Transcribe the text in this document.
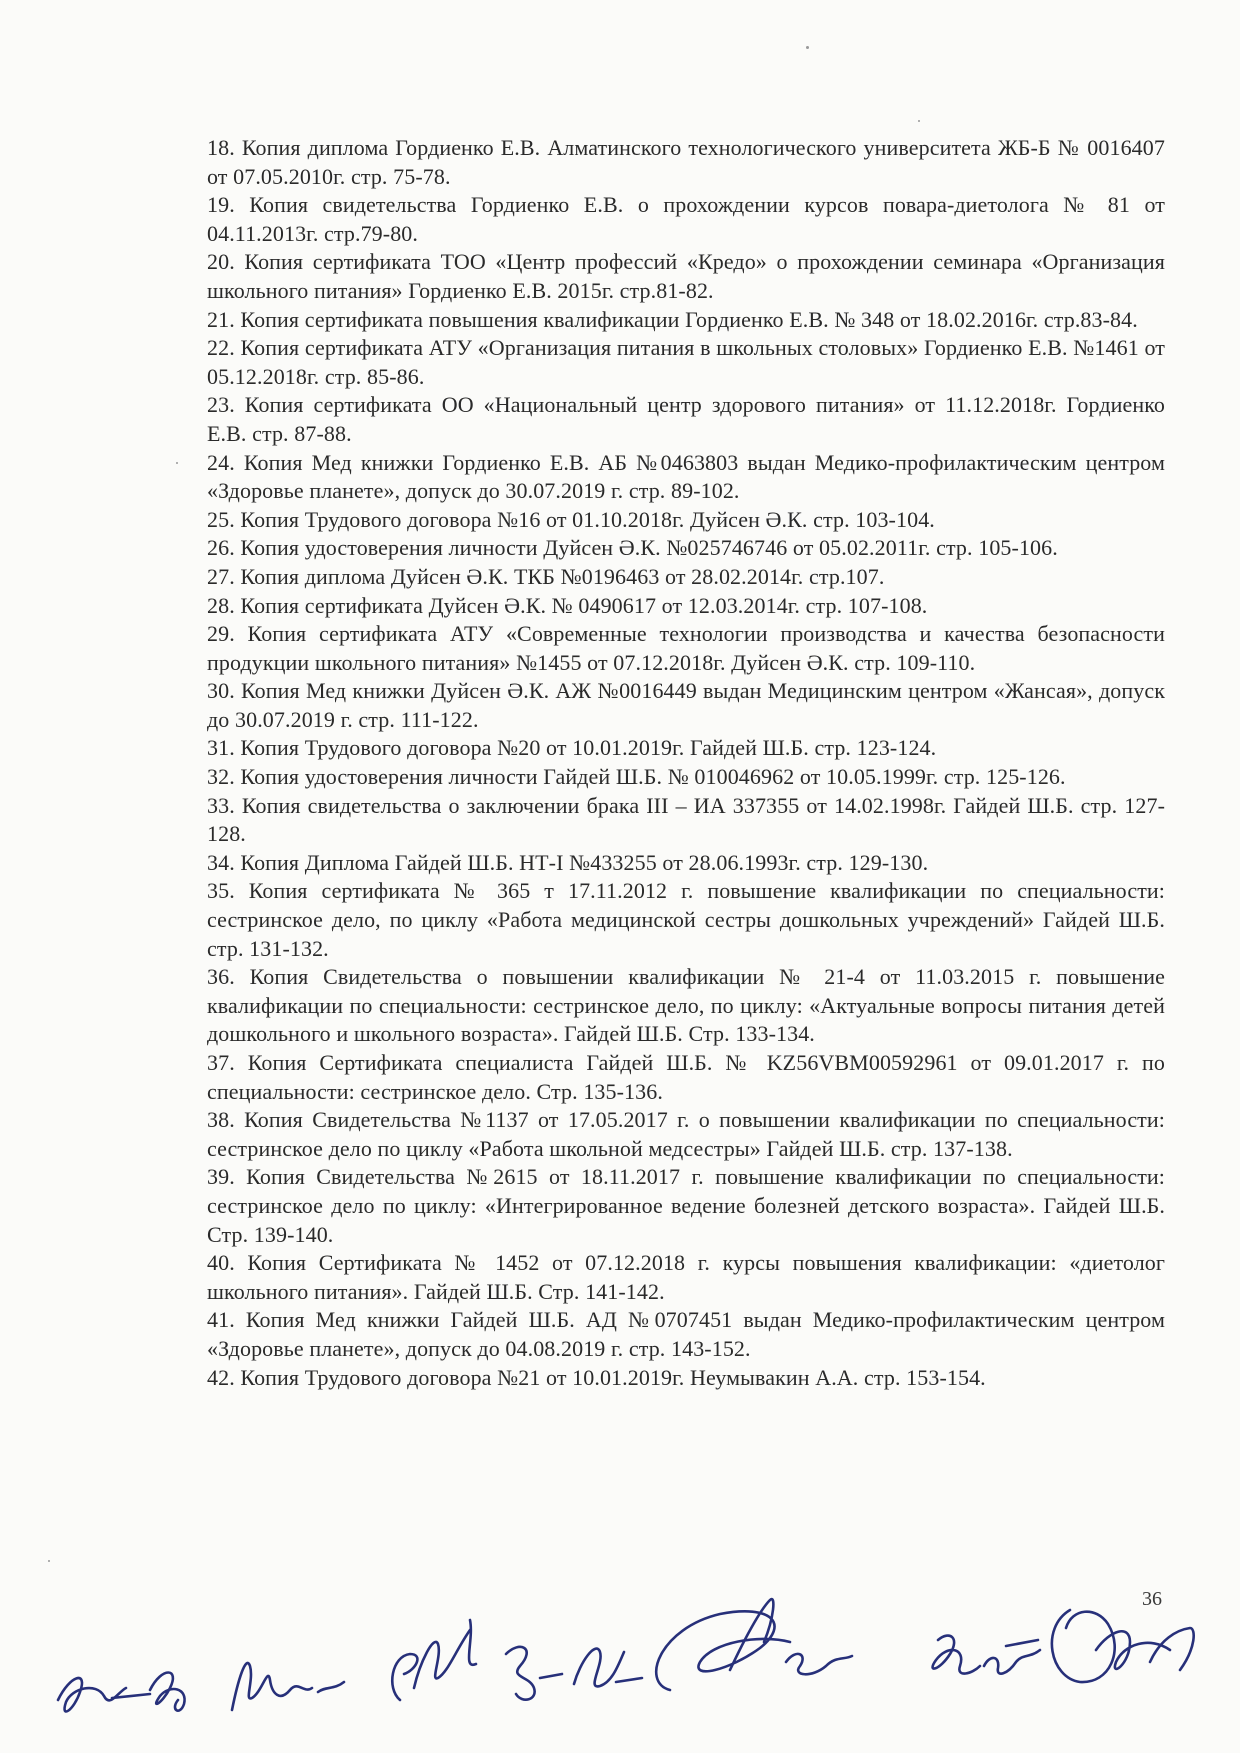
18. Копия диплома Гордиенко Е.В. Алматинского технологического университета ЖБ-Б № 0016407 от 07.05.2010г. стр. 75-78.

19. Копия свидетельства Гордиенко Е.В. о прохождении курсов повара-диетолога № 81 от 04.11.2013г. стр.79-80.

20. Копия сертификата ТОО «Центр профессий «Кредо» о прохождении семинара «Организация школьного питания» Гордиенко Е.В. 2015г. стр.81-82.

21. Копия сертификата повышения квалификации Гордиенко Е.В. № 348 от 18.02.2016г. стр.83-84.

22. Копия сертификата АТУ «Организация питания в школьных столовых» Гордиенко Е.В. №1461 от 05.12.2018г. стр. 85-86.

23. Копия сертификата ОО «Национальный центр здорового питания» от 11.12.2018г. Гордиенко Е.В. стр. 87-88.

24. Копия Мед книжки Гордиенко Е.В. АБ №0463803 выдан Медико-профилактическим центром «Здоровье планете», допуск до 30.07.2019 г. стр. 89-102.

25. Копия Трудового договора №16 от 01.10.2018г. Дуйсен Ә.К. стр. 103-104.

26. Копия удостоверения личности Дуйсен Ә.К. №025746746 от 05.02.2011г. стр. 105-106.

27. Копия диплома Дуйсен Ә.К. ТКБ №0196463 от 28.02.2014г. стр.107.

28. Копия сертификата Дуйсен Ә.К. № 0490617 от 12.03.2014г. стр. 107-108.

29. Копия сертификата АТУ «Современные технологии производства и качества безопасности продукции школьного питания» №1455 от 07.12.2018г. Дуйсен Ә.К. стр. 109-110.

30. Копия Мед книжки Дуйсен Ә.К. АЖ №0016449 выдан Медицинским центром «Жансая», допуск до 30.07.2019 г. стр. 111-122.

31. Копия Трудового договора №20 от 10.01.2019г. Гайдей Ш.Б. стр. 123-124.

32. Копия удостоверения личности Гайдей Ш.Б. № 010046962 от 10.05.1999г. стр. 125-126.

33. Копия свидетельства о заключении брака III – ИА 337355 от 14.02.1998г. Гайдей Ш.Б. стр. 127-128.

34. Копия Диплома Гайдей Ш.Б. НТ-I №433255 от 28.06.1993г. стр. 129-130.

35. Копия сертификата № 365 т 17.11.2012 г. повышение квалификации по специальности: сестринское дело, по циклу «Работа медицинской сестры дошкольных учреждений» Гайдей Ш.Б. стр. 131-132.

36. Копия Свидетельства о повышении квалификации № 21-4 от 11.03.2015 г. повышение квалификации по специальности: сестринское дело, по циклу: «Актуальные вопросы питания детей дошкольного и школьного возраста». Гайдей Ш.Б. Стр. 133-134.

37. Копия Сертификата специалиста Гайдей Ш.Б. № KZ56VBM00592961 от 09.01.2017 г. по специальности: сестринское дело. Стр. 135-136.

38. Копия Свидетельства №1137 от 17.05.2017 г. о повышении квалификации по специальности: сестринское дело по циклу «Работа школьной медсестры» Гайдей Ш.Б. стр. 137-138.

39. Копия Свидетельства №2615 от 18.11.2017 г. повышение квалификации по специальности: сестринское дело по циклу: «Интегрированное ведение болезней детского возраста». Гайдей Ш.Б. Стр. 139-140.

40. Копия Сертификата № 1452 от 07.12.2018 г. курсы повышения квалификации: «диетолог школьного питания». Гайдей Ш.Б. Стр. 141-142.

41. Копия Мед книжки Гайдей Ш.Б. АД №0707451 выдан Медико-профилактическим центром «Здоровье планете», допуск до 04.08.2019 г. стр. 143-152.

42. Копия Трудового договора №21 от 10.01.2019г. Неумывакин А.А. стр. 153-154.

36
